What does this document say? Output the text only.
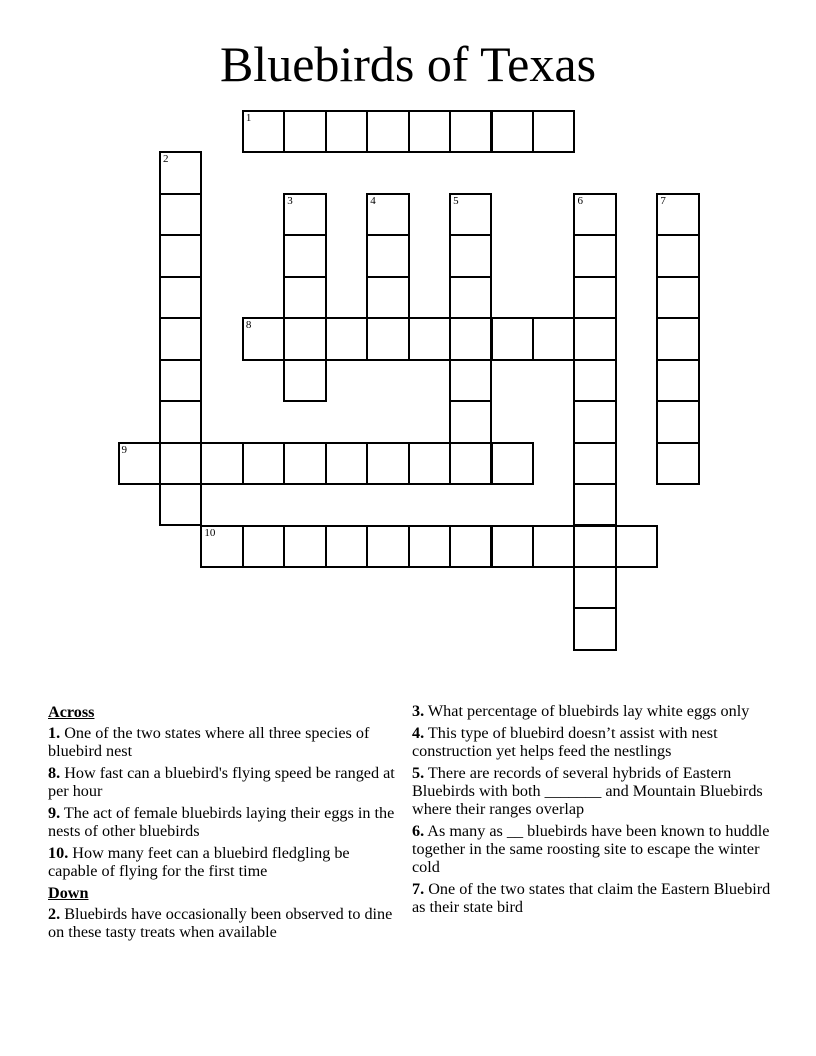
Bluebirds of Texas
1
2
3	4	5	6	7
8
9
10
Across
1. One of the two states where all three species of bluebird nest
8. How fast can a bluebird's flying speed be ranged at per hour
9. The act of female bluebirds laying their eggs in the nests of other bluebirds
10. How many feet can a bluebird fledgling be capable of flying for the first time
Down
2. Bluebirds have occasionally been observed to dine on these tasty treats when available
3. What percentage of bluebirds lay white eggs only
4. This type of bluebird doesn’t assist with nest construction yet helps feed the nestlings
5. There are records of several hybrids of Eastern Bluebirds with both _______ and Mountain Bluebirds where their ranges overlap
6. As many as __ bluebirds have been known to huddle together in the same roosting site to escape the winter cold
7. One of the two states that claim the Eastern Bluebird as their state bird
